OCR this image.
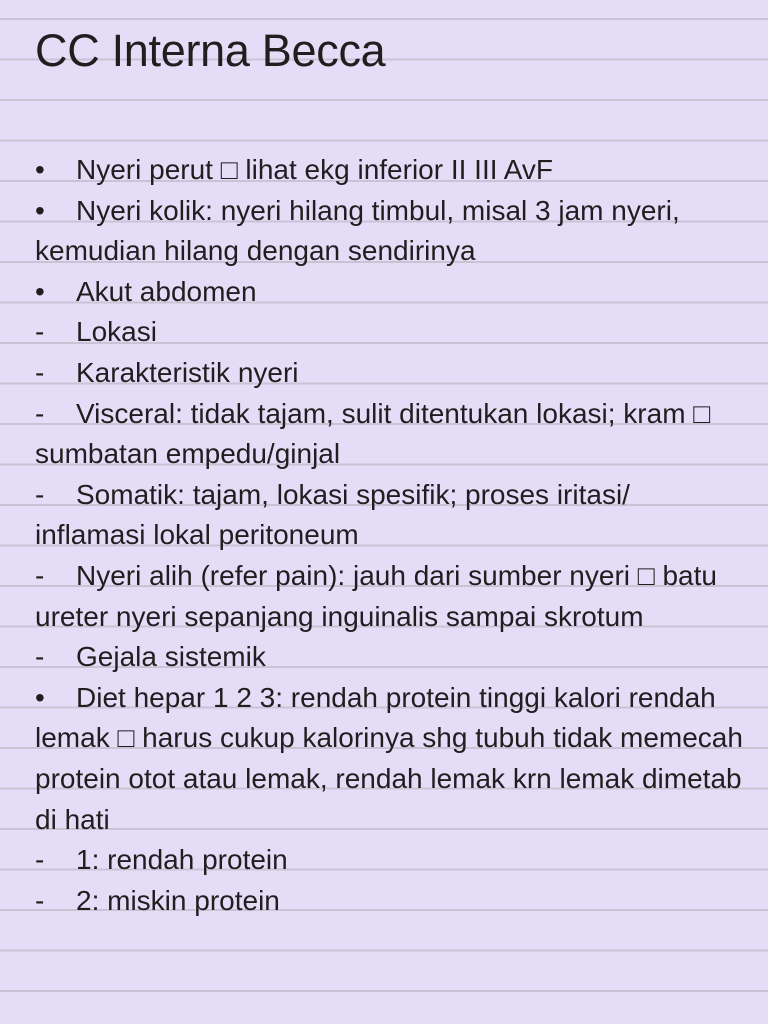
CC Interna Becca
• Nyeri perut □ lihat ekg inferior II III AvF
• Nyeri kolik: nyeri hilang timbul, misal 3 jam nyeri, kemudian hilang dengan sendirinya
• Akut abdomen
- Lokasi
- Karakteristik nyeri
- Visceral: tidak tajam, sulit ditentukan lokasi; kram □ sumbatan empedu/ginjal
- Somatik: tajam, lokasi spesifik; proses iritasi/ inflamasi lokal peritoneum
- Nyeri alih (refer pain): jauh dari sumber nyeri □ batu ureter nyeri sepanjang inguinalis sampai skrotum
- Gejala sistemik
• Diet hepar 1 2 3: rendah protein tinggi kalori rendah lemak □ harus cukup kalorinya shg tubuh tidak memecah protein otot atau lemak, rendah lemak krn lemak dimetab di hati
- 1: rendah protein
- 2: miskin protein
